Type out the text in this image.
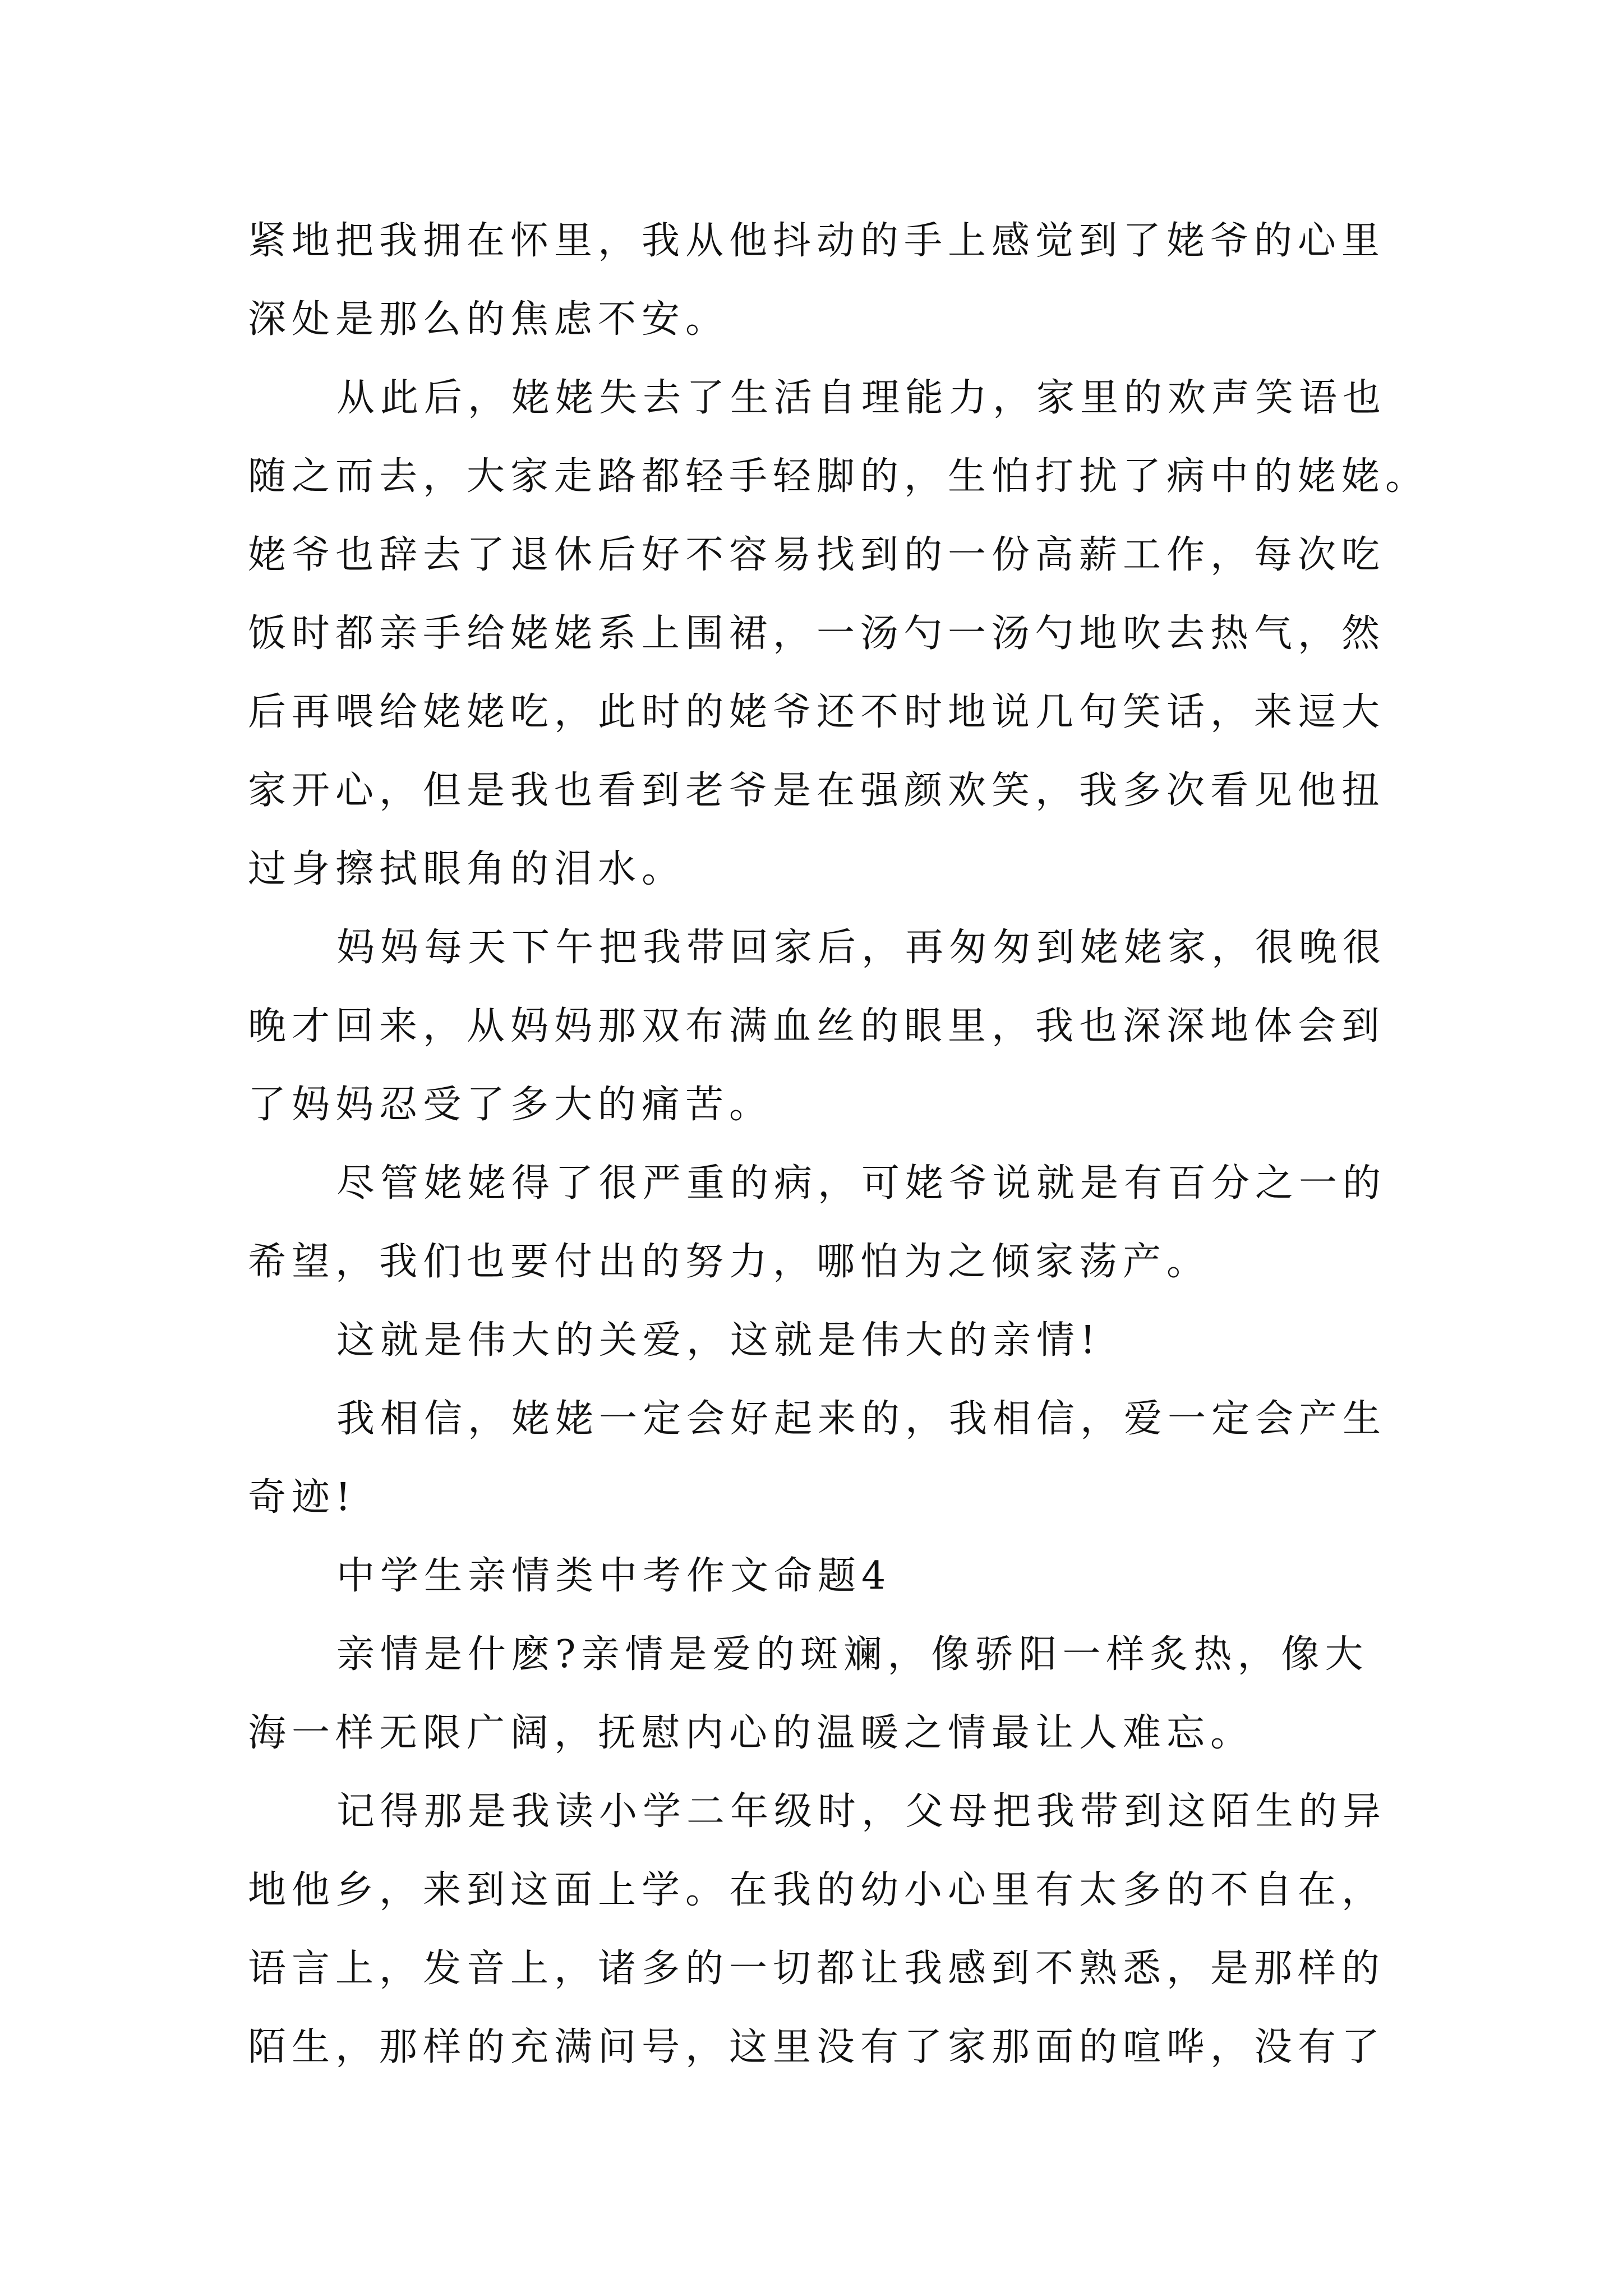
紧地把我拥在怀里，我从他抖动的手上感觉到了姥爷的心里
深处是那么的焦虑不安。
从此后，姥姥失去了生活自理能力，家里的欢声笑语也
随之而去，大家走路都轻手轻脚的，生怕打扰了病中的姥姥。
姥爷也辞去了退休后好不容易找到的一份高薪工作，每次吃
饭时都亲手给姥姥系上围裙，一汤勺一汤勺地吹去热气，然
后再喂给姥姥吃，此时的姥爷还不时地说几句笑话，来逗大
家开心，但是我也看到老爷是在强颜欢笑，我多次看见他扭
过身擦拭眼角的泪水。
妈妈每天下午把我带回家后，再匆匆到姥姥家，很晚很
晚才回来，从妈妈那双布满血丝的眼里，我也深深地体会到
了妈妈忍受了多大的痛苦。
尽管姥姥得了很严重的病，可姥爷说就是有百分之一的
希望，我们也要付出的努力，哪怕为之倾家荡产。
这就是伟大的关爱，这就是伟大的亲情!
我相信，姥姥一定会好起来的，我相信，爱一定会产生
奇迹!
中学生亲情类中考作文命题4
亲情是什麽?亲情是爱的斑斓，像骄阳一样炙热，像大
海一样无限广阔，抚慰内心的温暖之情最让人难忘。
记得那是我读小学二年级时，父母把我带到这陌生的异
地他乡，来到这面上学。在我的幼小心里有太多的不自在，
语言上，发音上，诸多的一切都让我感到不熟悉，是那样的
陌生，那样的充满问号，这里没有了家那面的喧哗，没有了
